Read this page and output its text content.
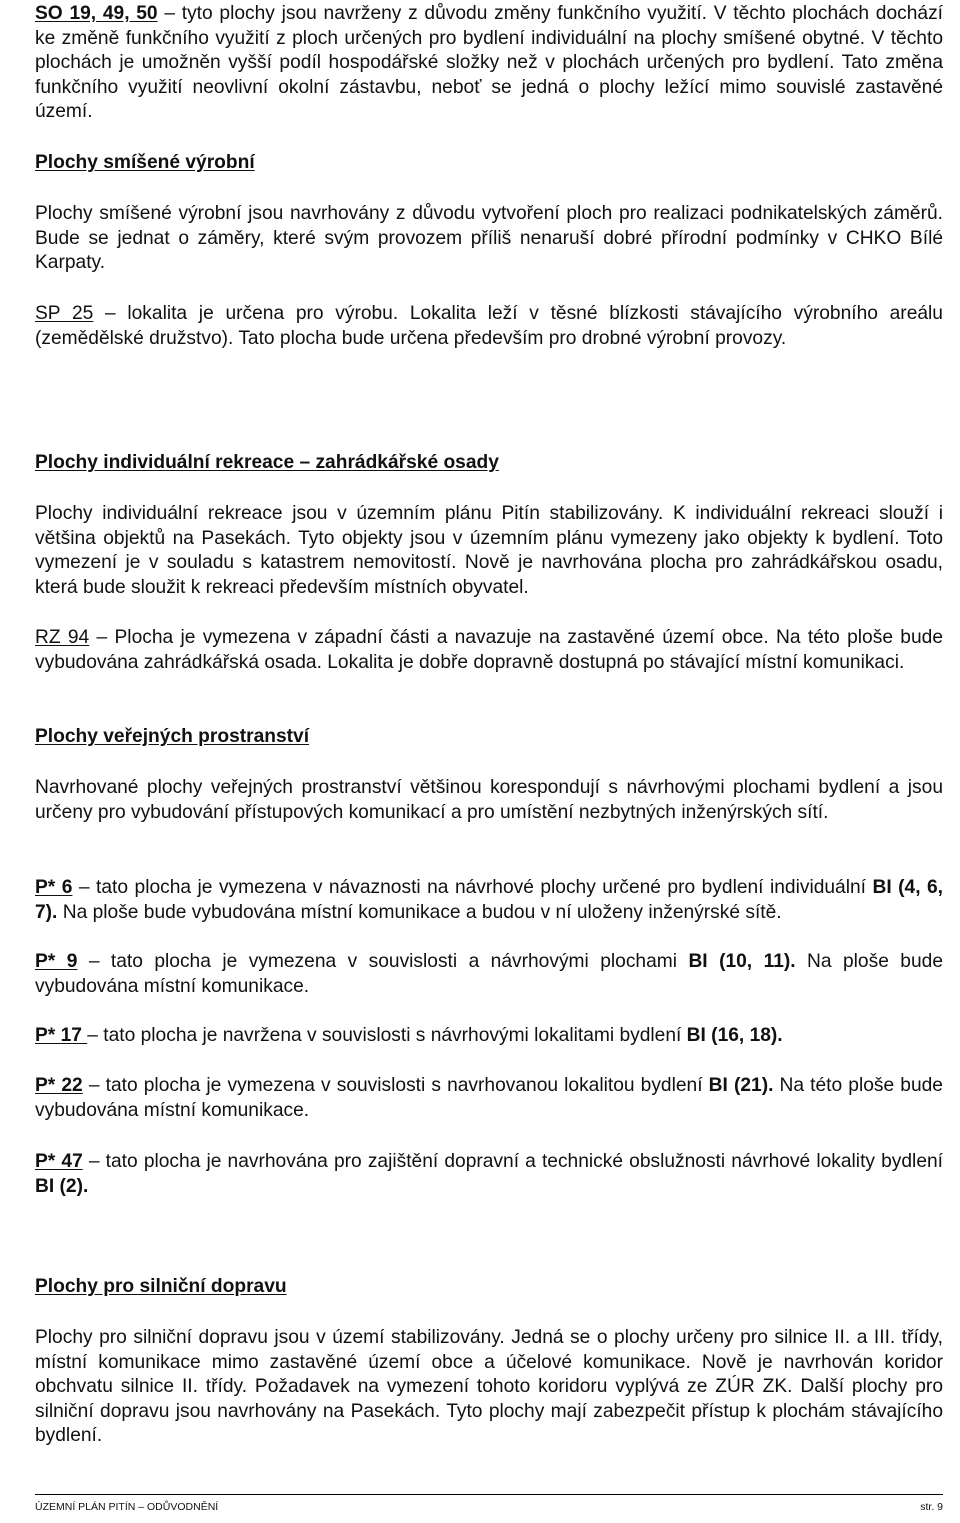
SO 19, 49, 50 – tyto plochy jsou navrženy z důvodu změny funkčního využití. V těchto plochách dochází ke změně funkčního využití z ploch určených pro bydlení individuální na plochy smíšené obytné. V těchto plochách je umožněn vyšší podíl hospodářské složky než v plochách určených pro bydlení. Tato změna funkčního využití neovlivní okolní zástavbu, neboť se jedná o plochy ležící mimo souvislé zastavěné území.

Plochy smíšené výrobní

Plochy smíšené výrobní jsou navrhovány z důvodu vytvoření ploch pro realizaci podnikatelských záměrů. Bude se jednat o záměry, které svým provozem příliš nenaruší dobré přírodní podmínky v CHKO Bílé Karpaty.

SP 25 – lokalita je určena pro výrobu. Lokalita leží v těsné blízkosti stávajícího výrobního areálu (zemědělské družstvo). Tato plocha bude určena především pro drobné výrobní provozy.

Plochy individuální rekreace – zahrádkářské osady

Plochy individuální rekreace jsou v územním plánu Pitín stabilizovány. K individuální rekreaci slouží i většina objektů na Pasekách. Tyto objekty jsou v územním plánu vymezeny jako objekty k bydlení. Toto vymezení je v souladu s katastrem nemovitostí. Nově je navrhována plocha pro zahrádkářskou osadu, která bude sloužit k rekreaci především místních obyvatel.

RZ 94 – Plocha je vymezena v západní části a navazuje na zastavěné území obce. Na této ploše bude vybudována zahrádkářská osada. Lokalita je dobře dopravně dostupná po stávající místní komunikaci.

Plochy veřejných prostranství

Navrhované plochy veřejných prostranství většinou korespondují s návrhovými plochami bydlení a jsou určeny pro vybudování přístupových komunikací a pro umístění nezbytných inženýrských sítí.

P* 6 – tato plocha je vymezena v návaznosti na návrhové plochy určené pro bydlení individuální BI (4, 6, 7). Na ploše bude vybudována místní komunikace a budou v ní uloženy inženýrské sítě.

P* 9 – tato plocha je vymezena v souvislosti a návrhovými plochami BI (10, 11). Na ploše bude vybudována místní komunikace.

P* 17 – tato plocha je navržena v souvislosti s návrhovými lokalitami bydlení BI (16, 18).

P* 22 – tato plocha je vymezena v souvislosti s navrhovanou lokalitou bydlení BI (21). Na této ploše bude vybudována místní komunikace.

P* 47 – tato plocha je navrhována pro zajištění dopravní a technické obslužnosti návrhové lokality bydlení BI (2).

Plochy pro silniční dopravu

Plochy pro silniční dopravu jsou v území stabilizovány. Jedná se o plochy určeny pro silnice II. a III. třídy, místní komunikace mimo zastavěné území obce a účelové komunikace. Nově je navrhován koridor obchvatu silnice II. třídy. Požadavek na vymezení tohoto koridoru vyplývá ze ZÚR ZK. Další plochy pro silniční dopravu jsou navrhovány na Pasekách. Tyto plochy mají zabezpečit přístup k plochám stávajícího bydlení.

ÚZEMNÍ PLÁN PITÍN – ODŮVODNĚNÍ	str. 9
